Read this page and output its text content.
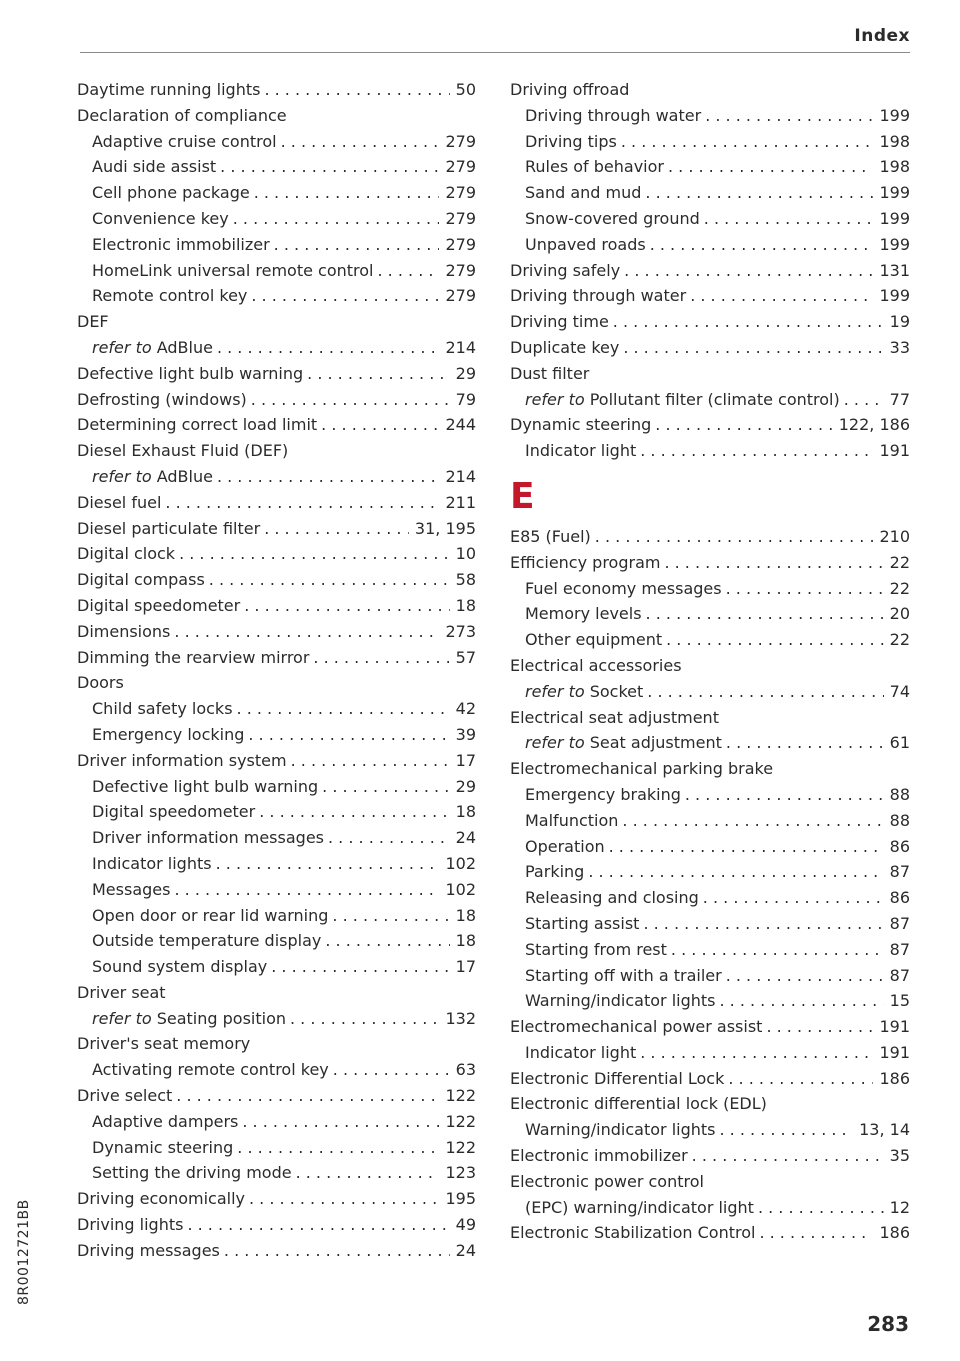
Index
Daytime running lights . . .	50
Declaration of compliance
Adaptive cruise control . . .	279
Audi side assist . . .	279
Cell phone package . . .	279
Convenience key . . .	279
Electronic immobilizer . . .	279
HomeLink universal remote control . . .	279
Remote control key . . .	279
DEF
refer to AdBlue . . .	214
Defective light bulb warning . . .	29
Defrosting (windows) . . .	79
Determining correct load limit . . .	244
Diesel Exhaust Fluid (DEF)
refer to AdBlue . . .	214
Diesel fuel . . .	211
Diesel particulate filter . . .	31, 195
Digital clock . . .	10
Digital compass . . .	58
Digital speedometer . . .	18
Dimensions . . .	273
Dimming the rearview mirror . . .	57
Doors
Child safety locks . . .	42
Emergency locking . . .	39
Driver information system . . .	17
Defective light bulb warning . . .	29
Digital speedometer . . .	18
Driver information messages . . .	24
Indicator lights . . .	102
Messages . . .	102
Open door or rear lid warning . . .	18
Outside temperature display . . .	18
Sound system display . . .	17
Driver seat
refer to Seating position . . .	132
Driver's seat memory
Activating remote control key . . .	63
Drive select . . .	122
Adaptive dampers . . .	122
Dynamic steering . . .	122
Setting the driving mode . . .	123
Driving economically . . .	195
Driving lights . . .	49
Driving messages . . .	24
Driving offroad
Driving through water . . .	199
Driving tips . . .	198
Rules of behavior . . .	198
Sand and mud . . .	199
Snow-covered ground . . .	199
Unpaved roads . . .	199
Driving safely . . .	131
Driving through water . . .	199
Driving time . . .	19
Duplicate key . . .	33
Dust filter
refer to Pollutant filter (climate control) . . .	77
Dynamic steering . . .	122, 186
Indicator light . . .	191
E
E85 (Fuel) . . .	210
Efficiency program . . .	22
Fuel economy messages . . .	22
Memory levels . . .	20
Other equipment . . .	22
Electrical accessories
refer to Socket . . .	74
Electrical seat adjustment
refer to Seat adjustment . . .	61
Electromechanical parking brake
Emergency braking . . .	88
Malfunction . . .	88
Operation . . .	86
Parking . . .	87
Releasing and closing . . .	86
Starting assist . . .	87
Starting from rest . . .	87
Starting off with a trailer . . .	87
Warning/indicator lights . . .	15
Electromechanical power assist . . .	191
Indicator light . . .	191
Electronic Differential Lock . . .	186
Electronic differential lock (EDL)
Warning/indicator lights . . .	13, 14
Electronic immobilizer . . .	35
Electronic power control
(EPC) warning/indicator light . . .	12
Electronic Stabilization Control . . .	186
8R0012721BB
283
